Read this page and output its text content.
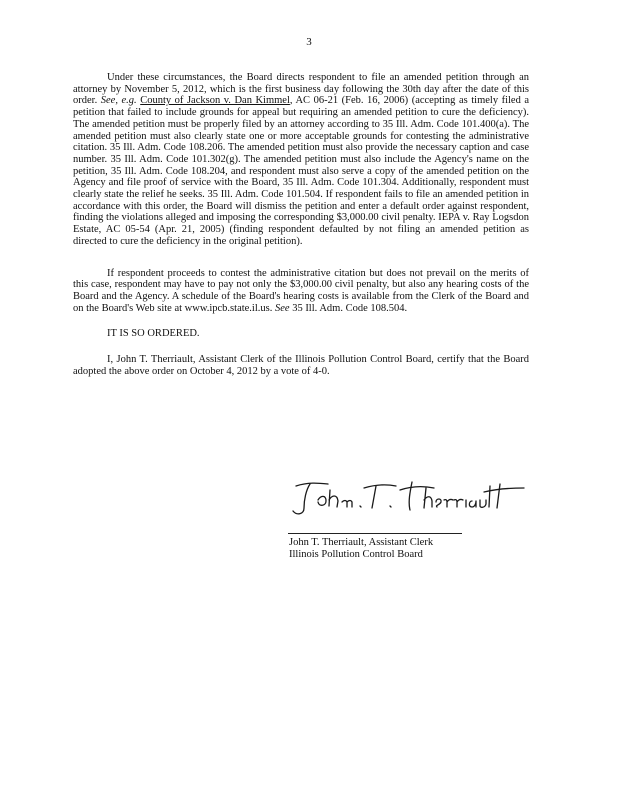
3

Under these circumstances, the Board directs respondent to file an amended petition through an attorney by November 5, 2012, which is the first business day following the 30th day after the date of this order. See, e.g. County of Jackson v. Dan Kimmel, AC 06-21 (Feb. 16, 2006) (accepting as timely filed a petition that failed to include grounds for appeal but requiring an amended petition to cure the deficiency). The amended petition must be properly filed by an attorney according to 35 Ill. Adm. Code 101.400(a). The amended petition must also clearly state one or more acceptable grounds for contesting the administrative citation. 35 Ill. Adm. Code 108.206. The amended petition must also provide the necessary caption and case number. 35 Ill. Adm. Code 101.302(g). The amended petition must also include the Agency's name on the petition, 35 Ill. Adm. Code 108.204, and respondent must also serve a copy of the amended petition on the Agency and file proof of service with the Board, 35 Ill. Adm. Code 101.304. Additionally, respondent must clearly state the relief he seeks. 35 Ill. Adm. Code 101.504. If respondent fails to file an amended petition in accordance with this order, the Board will dismiss the petition and enter a default order against respondent, finding the violations alleged and imposing the corresponding $3,000.00 civil penalty. IEPA v. Ray Logsdon Estate, AC 05-54 (Apr. 21, 2005) (finding respondent defaulted by not filing an amended petition as directed to cure the deficiency in the original petition).

If respondent proceeds to contest the administrative citation but does not prevail on the merits of this case, respondent may have to pay not only the $3,000.00 civil penalty, but also any hearing costs of the Board and the Agency. A schedule of the Board's hearing costs is available from the Clerk of the Board and on the Board's Web site at www.ipcb.state.il.us. See 35 Ill. Adm. Code 108.504.

IT IS SO ORDERED.

I, John T. Therriault, Assistant Clerk of the Illinois Pollution Control Board, certify that the Board adopted the above order on October 4, 2012 by a vote of 4-0.

John T. Therriault, Assistant Clerk
Illinois Pollution Control Board
